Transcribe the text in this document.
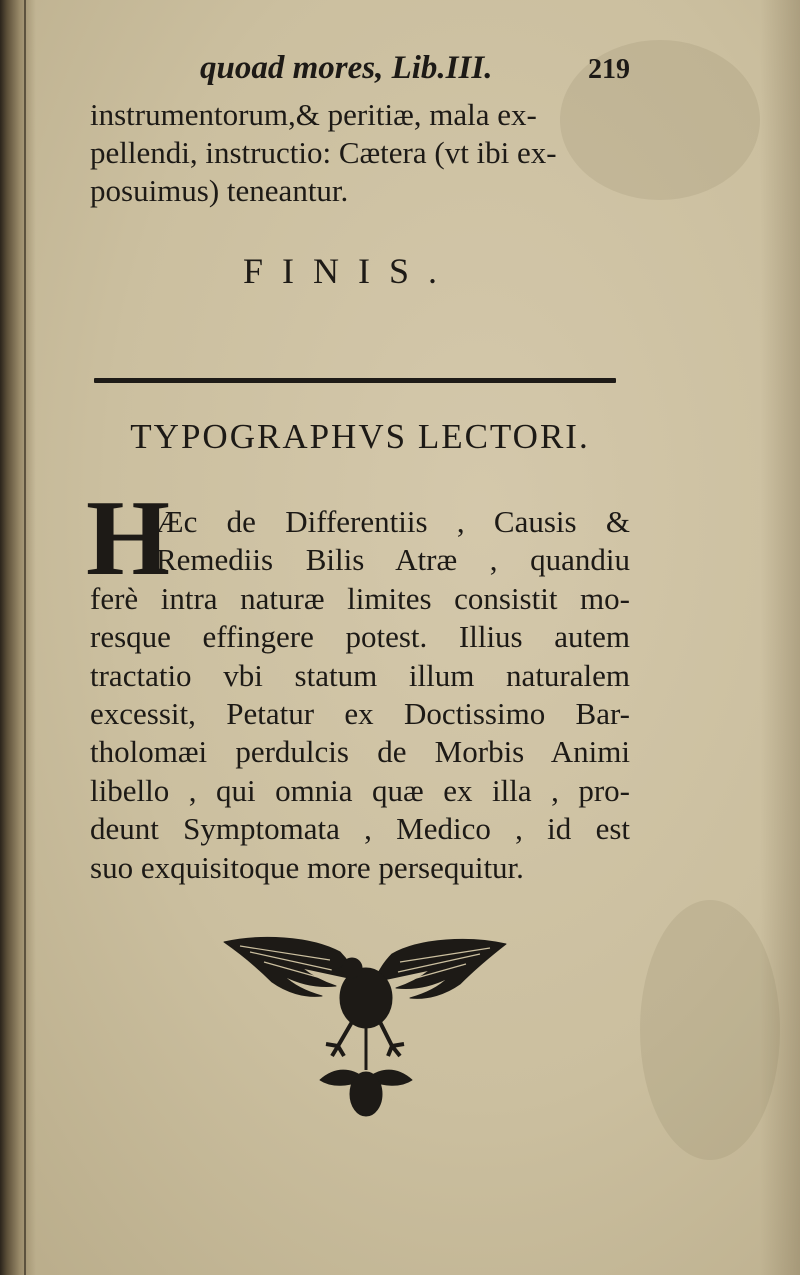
quoad mores, Lib.III.	219
instrumentorum,& peritiæ, mala ex-
pellendi, instructio: Cætera (vt ibi ex-
posuimus) teneantur.
FINIS.
TYPOGRAPHVS LECTORI.
H
Æc de Differentiis , Causis &
Remediis Bilis Atræ , quandiu
ferè intra naturæ limites consistit mo-
resque effingere potest. Illius autem
tractatio vbi statum illum naturalem
excessit, Petatur ex Doctissimo Bar-
tholomæi perdulcis de Morbis Animi
libello , qui omnia quæ ex illa , pro-
deunt Symptomata , Medico , id est
suo exquisitoque more persequitur.
